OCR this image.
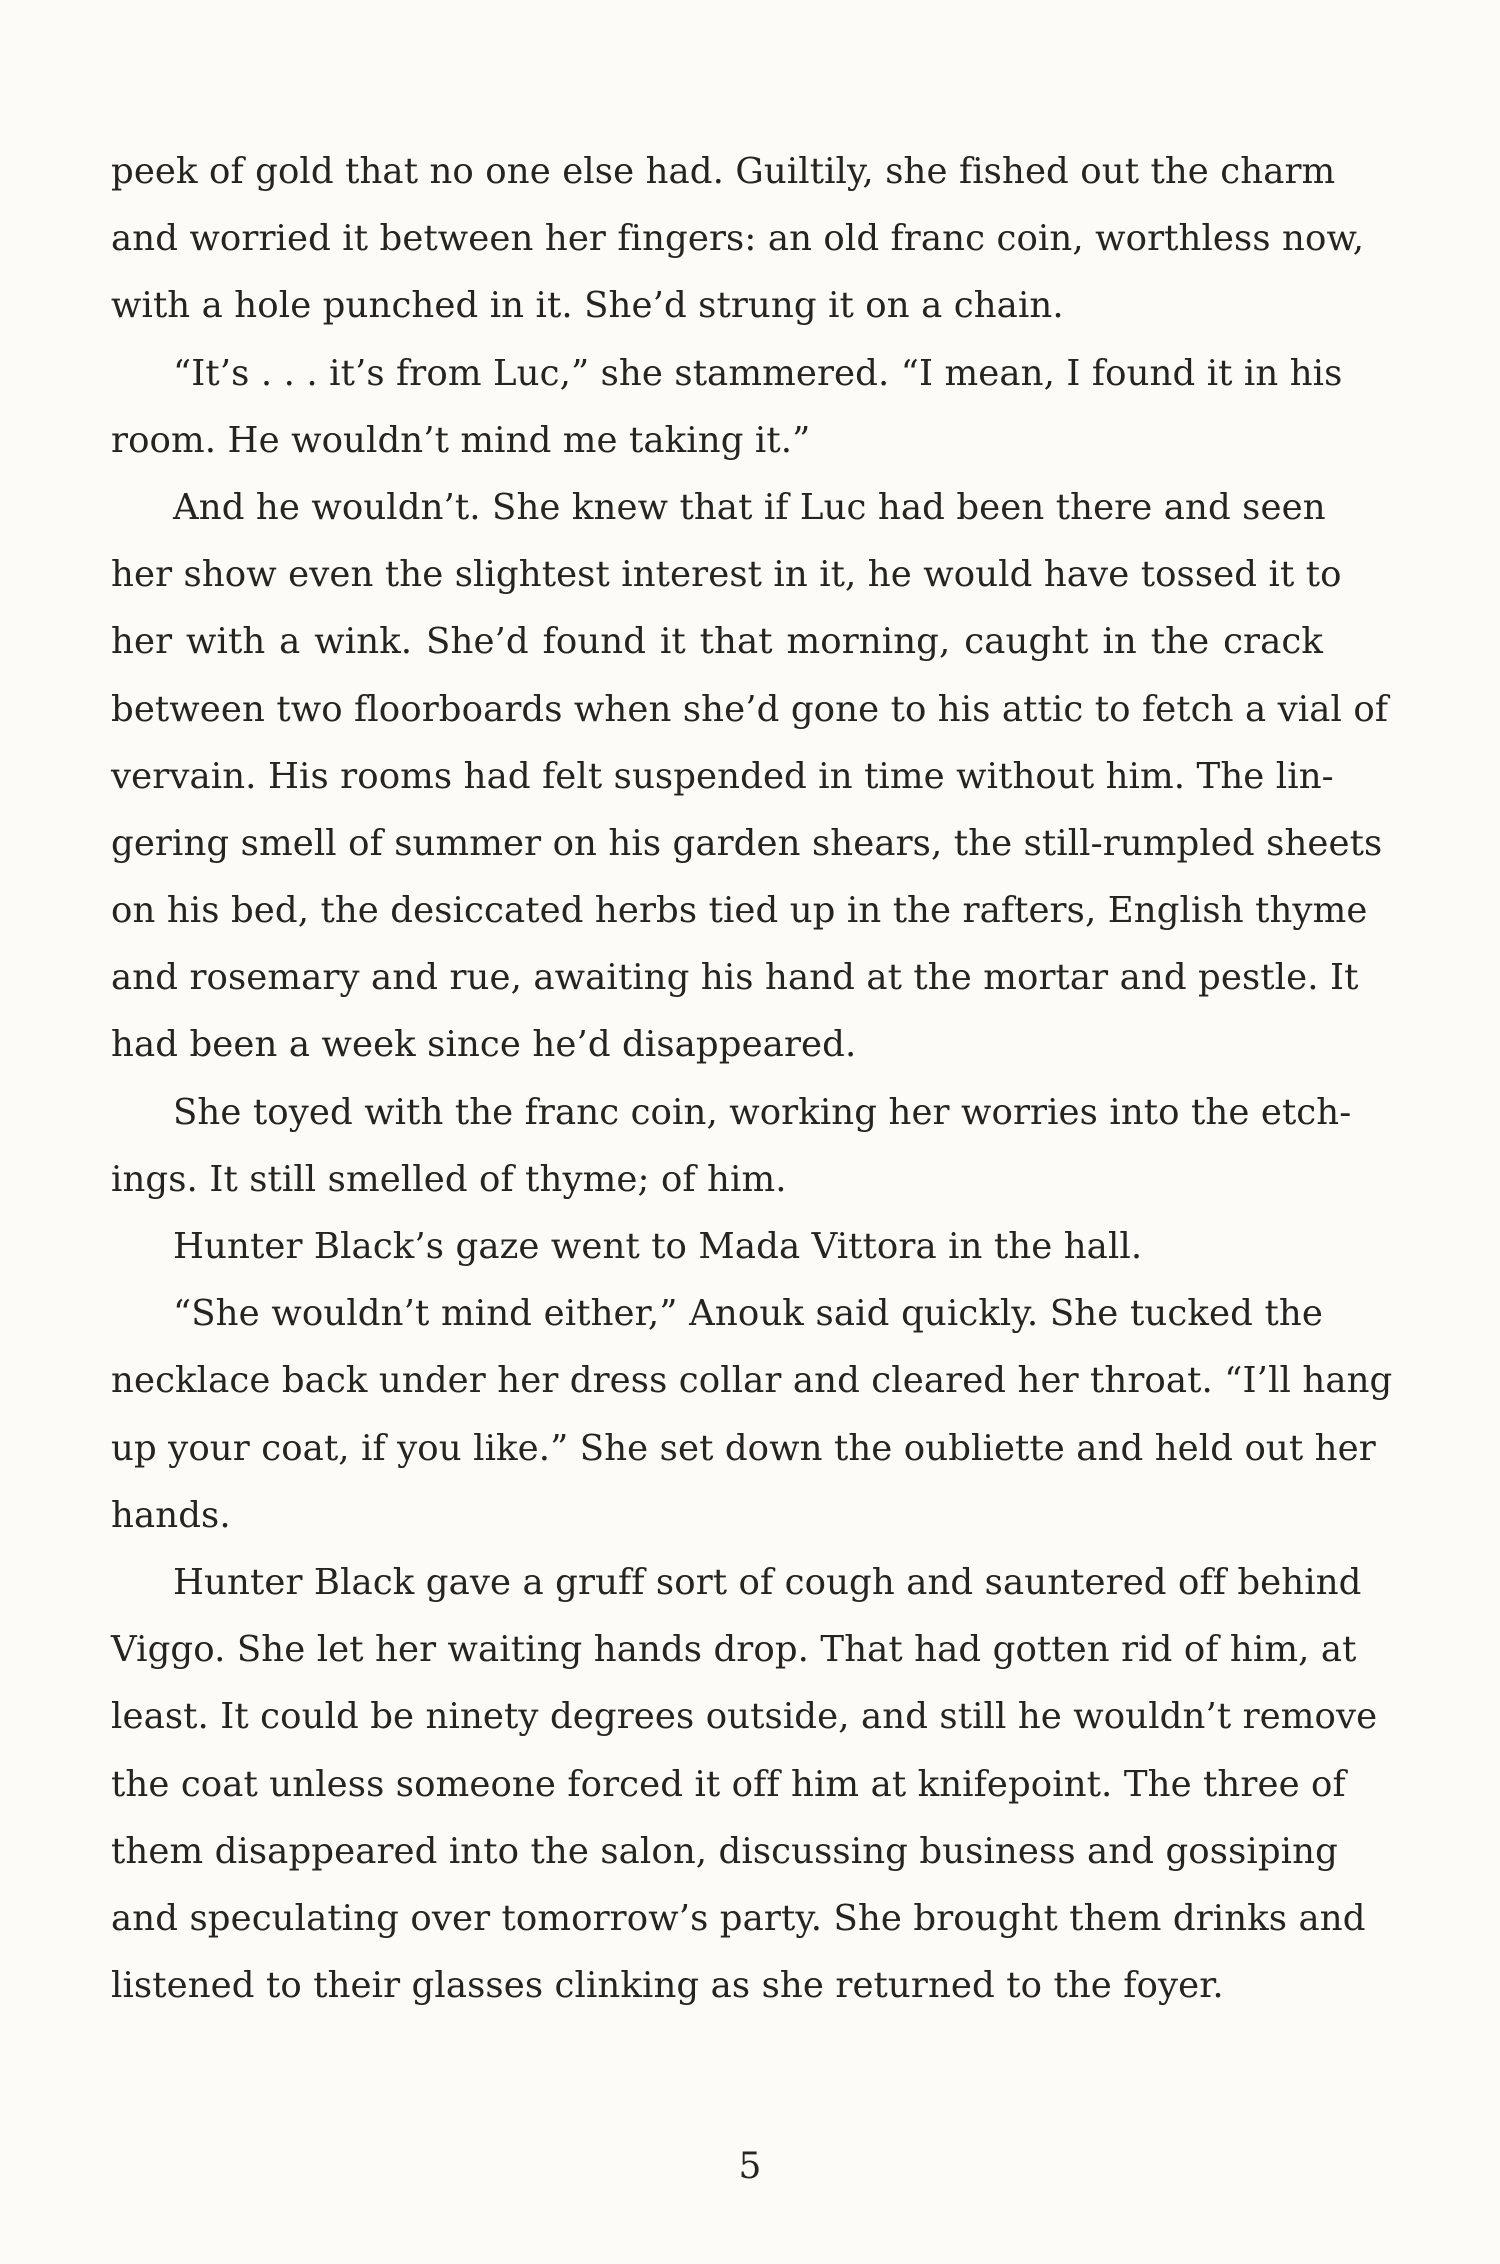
peek of gold that no one else had. Guiltily, she fished out the charm
and worried it between her fingers: an old franc coin, worthless now,
with a hole punched in it. She’d strung it on a chain.
“It’s . . . it’s from Luc,” she stammered. “I mean, I found it in his
room. He wouldn’t mind me taking it.”
And he wouldn’t. She knew that if Luc had been there and seen
her show even the slightest interest in it, he would have tossed it to
her with a wink. She’d found it that morning, caught in the crack
between two floorboards when she’d gone to his attic to fetch a vial of
vervain. His rooms had felt suspended in time without him. The lin-
gering smell of summer on his garden shears, the still-rumpled sheets
on his bed, the desiccated herbs tied up in the rafters, English thyme
and rosemary and rue, awaiting his hand at the mortar and pestle. It
had been a week since he’d disappeared.
She toyed with the franc coin, working her worries into the etch-
ings. It still smelled of thyme; of him.
Hunter Black’s gaze went to Mada Vittora in the hall.
“She wouldn’t mind either,” Anouk said quickly. She tucked the
necklace back under her dress collar and cleared her throat. “I’ll hang
up your coat, if you like.” She set down the oubliette and held out her
hands.
Hunter Black gave a gruff sort of cough and sauntered off behind
Viggo. She let her waiting hands drop. That had gotten rid of him, at
least. It could be ninety degrees outside, and still he wouldn’t remove
the coat unless someone forced it off him at knifepoint. The three of
them disappeared into the salon, discussing business and gossiping
and speculating over tomorrow’s party. She brought them drinks and
listened to their glasses clinking as she returned to the foyer.
5
